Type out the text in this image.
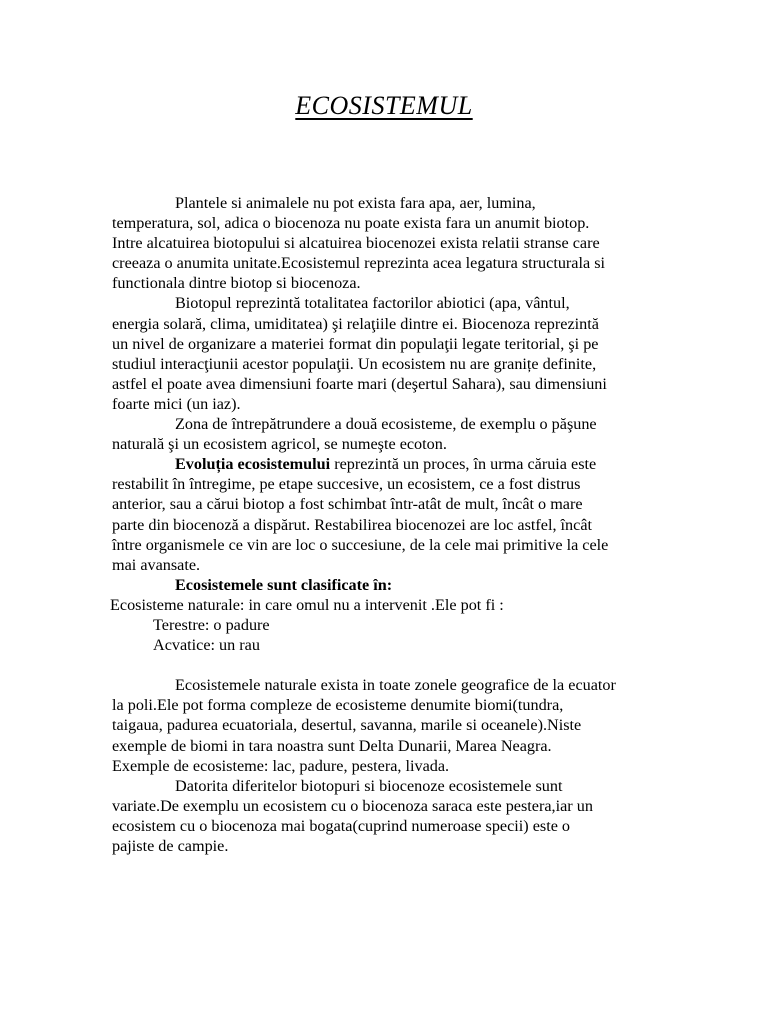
ECOSISTEMUL
Plantele si animalele nu pot exista fara apa, aer, lumina,
temperatura, sol, adica o biocenoza nu poate exista fara un anumit biotop.
Intre alcatuirea biotopului si alcatuirea biocenozei exista relatii stranse care
creeaza o anumita unitate.Ecosistemul reprezinta acea legatura structurala si
functionala dintre biotop si biocenoza.
Biotopul reprezintă totalitatea factorilor abiotici (apa, vântul,
energia solară, clima, umiditatea) şi relaţiile dintre ei. Biocenoza reprezintă
un nivel de organizare a materiei format din populaţii legate teritorial, şi pe
studiul interacţiunii acestor populaţii. Un ecosistem nu are granițe definite,
astfel el poate avea dimensiuni foarte mari (deşertul Sahara), sau dimensiuni
foarte mici (un iaz).
Zona de întrepătrundere a două ecosisteme, de exemplu o păşune
naturală şi un ecosistem agricol, se numeşte ecoton.
Evoluția ecosistemului reprezintă un proces, în urma căruia este
restabilit în întregime, pe etape succesive, un ecosistem, ce a fost distrus
anterior, sau a cărui biotop a fost schimbat într-atât de mult, încât o mare
parte din biocenoză a dispărut. Restabilirea biocenozei are loc astfel, încât
între organismele ce vin are loc o succesiune, de la cele mai primitive la cele
mai avansate.
Ecosistemele sunt clasificate în:
Ecosisteme naturale: in care omul nu a intervenit .Ele pot fi :
Terestre: o padure
Acvatice: un rau
Ecosistemele naturale exista in toate zonele geografice de la ecuator
la poli.Ele pot forma compleze de ecosisteme denumite biomi(tundra,
taigaua, padurea ecuatoriala, desertul, savanna, marile si oceanele).Niste
exemple de biomi in tara noastra sunt Delta Dunarii, Marea Neagra.
Exemple de ecosisteme: lac, padure, pestera, livada.
Datorita diferitelor biotopuri si biocenoze ecosistemele sunt
variate.De exemplu un ecosistem cu o biocenoza saraca este pestera,iar un
ecosistem cu o biocenoza mai bogata(cuprind numeroase specii) este o
pajiste de campie.
